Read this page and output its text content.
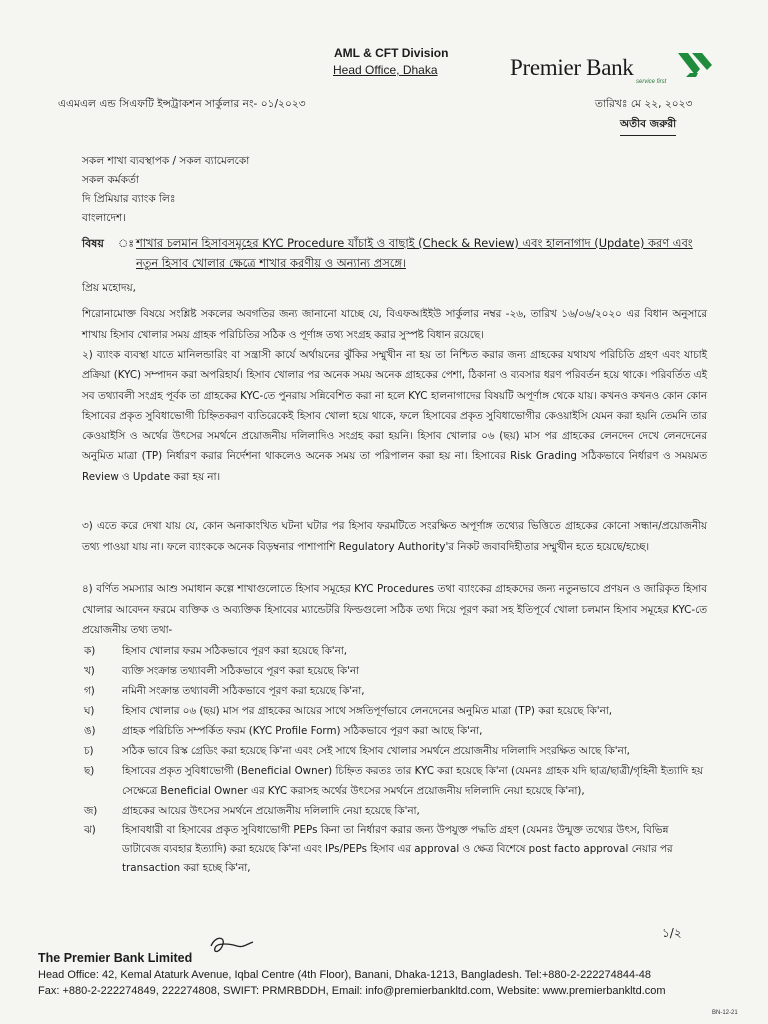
AML & CFT Division
Head Office, Dhaka	Premier Bank
service first
এএমএল এন্ড সিএফটি ইন্সট্রাকশন সার্কুলার নং- ০১/২০২৩	তারিখঃ মে ২২, ২০২৩
অতীব জরুরী
সকল শাখা ব্যবস্থাপক / সকল ব্যামেলকো
সকল কর্মকর্তা
দি প্রিমিয়ার ব্যাংক লিঃ
বাংলাদেশ।
বিষয় ঃ শাখার চলমান হিসাবসমূহের KYC Procedure যাঁচাই ও বাছাই (Check & Review) এবং হালনাগাদ (Update) করণ এবং নতুন হিসাব খোলার ক্ষেত্রে শাখার করণীয় ও অন্যান্য প্রসঙ্গে।
প্রিয় মহোদয়,
শিরোনামোক্ত বিষয়ে সংশ্লিষ্ট সকলের অবগতির জন্য জানানো যাচ্ছে যে, বিএফআইইউ সার্কুলার নম্বর -২৬, তারিখ ১৬/০৬/২০২০ এর বিধান অনুসারে শাখায় হিসাব খোলার সময় গ্রাহক পরিচিতির সঠিক ও পূর্ণাঙ্গ তথ্য সংগ্রহ করার সুস্পষ্ট বিধান রয়েছে।
২) ব্যাংক ব্যবস্থা যাতে মানিলন্ডারিং বা সন্ত্রাসী কার্যে অর্থায়নের ঝুঁকির সম্মুখীন না হয় তা নিশ্চিত করার জন্য গ্রাহকের যথাযথ পরিচিতি গ্রহণ এবং যাচাই প্রক্রিয়া (KYC) সম্পাদন করা অপরিহার্য। হিসাব খোলার পর অনেক সময় অনেক গ্রাহকের পেশা, ঠিকানা ও ব্যবসার ধরণ পরিবর্তন হয়ে থাকে। পরিবর্তিত এই সব তথ্যাবলী সংগ্রহ পূর্বক তা গ্রাহকের KYC-তে পুনরায় সন্নিবেশিত করা না হলে KYC হালনাগাদের বিষয়টি অপূর্ণাঙ্গ থেকে যায়। কখনও কখনও কোন কোন হিসাবের প্রকৃত সুবিধাভোগী চিহ্নিতকরণ ব্যতিরেকেই হিসাব খোলা হয়ে থাকে, ফলে হিসাবের প্রকৃত সুবিধাভোগীর কেওয়াইসি যেমন করা হয়নি তেমনি তার কেওয়াইসি ও অর্থের উৎসের সমর্থনে প্রয়োজনীয় দলিলাদিও সংগ্রহ করা হয়নি। হিসাব খোলার ০৬ (ছয়) মাস পর গ্রাহকের লেনদেন দেখে লেনদেনের অনুমিত মাত্রা (TP) নির্ধারণ করার নির্দেশনা থাকলেও অনেক সময় তা পরিপালন করা হয় না। হিসাবের Risk Grading সঠিকভাবে নির্ধারণ ও সময়মত Review ও Update করা হয় না।
৩) এতে করে দেখা যায় যে, কোন অনাকাংখিত ঘটনা ঘটার পর হিসাব ফরমটিতে সংরক্ষিত অপূর্ণাঙ্গ তথ্যের ভিত্তিতে গ্রাহকের কোনো সন্ধান/প্রয়োজনীয় তথ্য পাওয়া যায় না। ফলে ব্যাংককে অনেক বিড়ম্বনার পাশাপাশি Regulatory Authority'র নিকট জবাবদিহীতার সম্মুখীন হতে হয়েছে/হচ্ছে।
৪) বর্ণিত সমস্যার আশু সমাধান কল্পে শাখাগুলোতে হিসাব সমূহের KYC Procedures তথা ব্যাংকের গ্রাহকদের জন্য নতুনভাবে প্রণয়ন ও জারিকৃত হিসাব খোলার আবেদন ফরমে ব্যক্তিক ও অব্যক্তিক হিসাবের ম্যান্ডেটরি ফিল্ডগুলো সঠিক তথ্য দিয়ে পূরণ করা সহ ইতিপূর্বে খোলা চলমান হিসাব সমূহের KYC-তে প্রয়োজনীয় তথ্য তথা-
ক)	হিসাব খোলার ফরম সঠিকভাবে পূরণ করা হয়েছে কি'না,
খ)	ব্যক্তি সংক্রান্ত তথ্যাবলী সঠিকভাবে পূরণ করা হয়েছে কি'না
গ)	নমিনী সংক্রান্ত তথ্যাবলী সঠিকভাবে পূরণ করা হয়েছে কি'না,
ঘ)	হিসাব খোলার ০৬ (ছয়) মাস পর গ্রাহকের আয়ের সাথে সঙ্গতিপূর্ণভাবে লেনদেনের অনুমিত মাত্রা (TP) করা হয়েছে কি'না,
ঙ)	গ্রাহক পরিচিতি সম্পর্কিত ফরম (KYC Profile Form) সঠিকভাবে পূরণ করা আছে কি'না,
চ)	সঠিক ভাবে রিস্ক গ্রেডিং করা হয়েছে কি'না এবং সেই সাথে হিসাব খোলার সমর্থনে প্রয়োজনীয় দলিলাদি সংরক্ষিত আছে কি'না,
ছ)	হিসাবের প্রকৃত সুবিধাভোগী (Beneficial Owner) চিহ্নিত করতঃ তার KYC করা হয়েছে কি'না (যেমনঃ গ্রাহক যদি ছাত্র/ছাত্রী/গৃহিনী ইত্যাদি হয় সেক্ষেত্রে Beneficial Owner এর KYC করাসহ অর্থের উৎসের সমর্থনে প্রয়োজনীয় দলিলাদি নেয়া হয়েছে কি'না),
জ) গ্রাহকের আয়ের উৎসের সমর্থনে প্রয়োজনীয় দলিলাদি নেয়া হয়েছে কি'না,
ঝ)	হিসাবধারী বা হিসাবের প্রকৃত সুবিধাভোগী PEPs কিনা তা নির্ধারণ করার জন্য উপযুক্ত পদ্ধতি গ্রহণ (যেমনঃ উন্মুক্ত তথ্যের উৎস, বিভিন্ন ডাটাবেজ ব্যবহার ইত্যাদি) করা হয়েছে কি'না এবং IPs/PEPs হিসাব এর approval ও ক্ষেত্র বিশেষে post facto approval নেয়ার পর transaction করা হচ্ছে কি'না,
১/২
The Premier Bank Limited
Head Office: 42, Kemal Ataturk Avenue, Iqbal Centre (4th Floor), Banani, Dhaka-1213, Bangladesh. Tel:+880-2-222274844-48
Fax: +880-2-222274849, 222274808, SWIFT: PRMRBDDH, Email: info@premierbankltd.com, Website: www.premierbankltd.com
BN-12-21
